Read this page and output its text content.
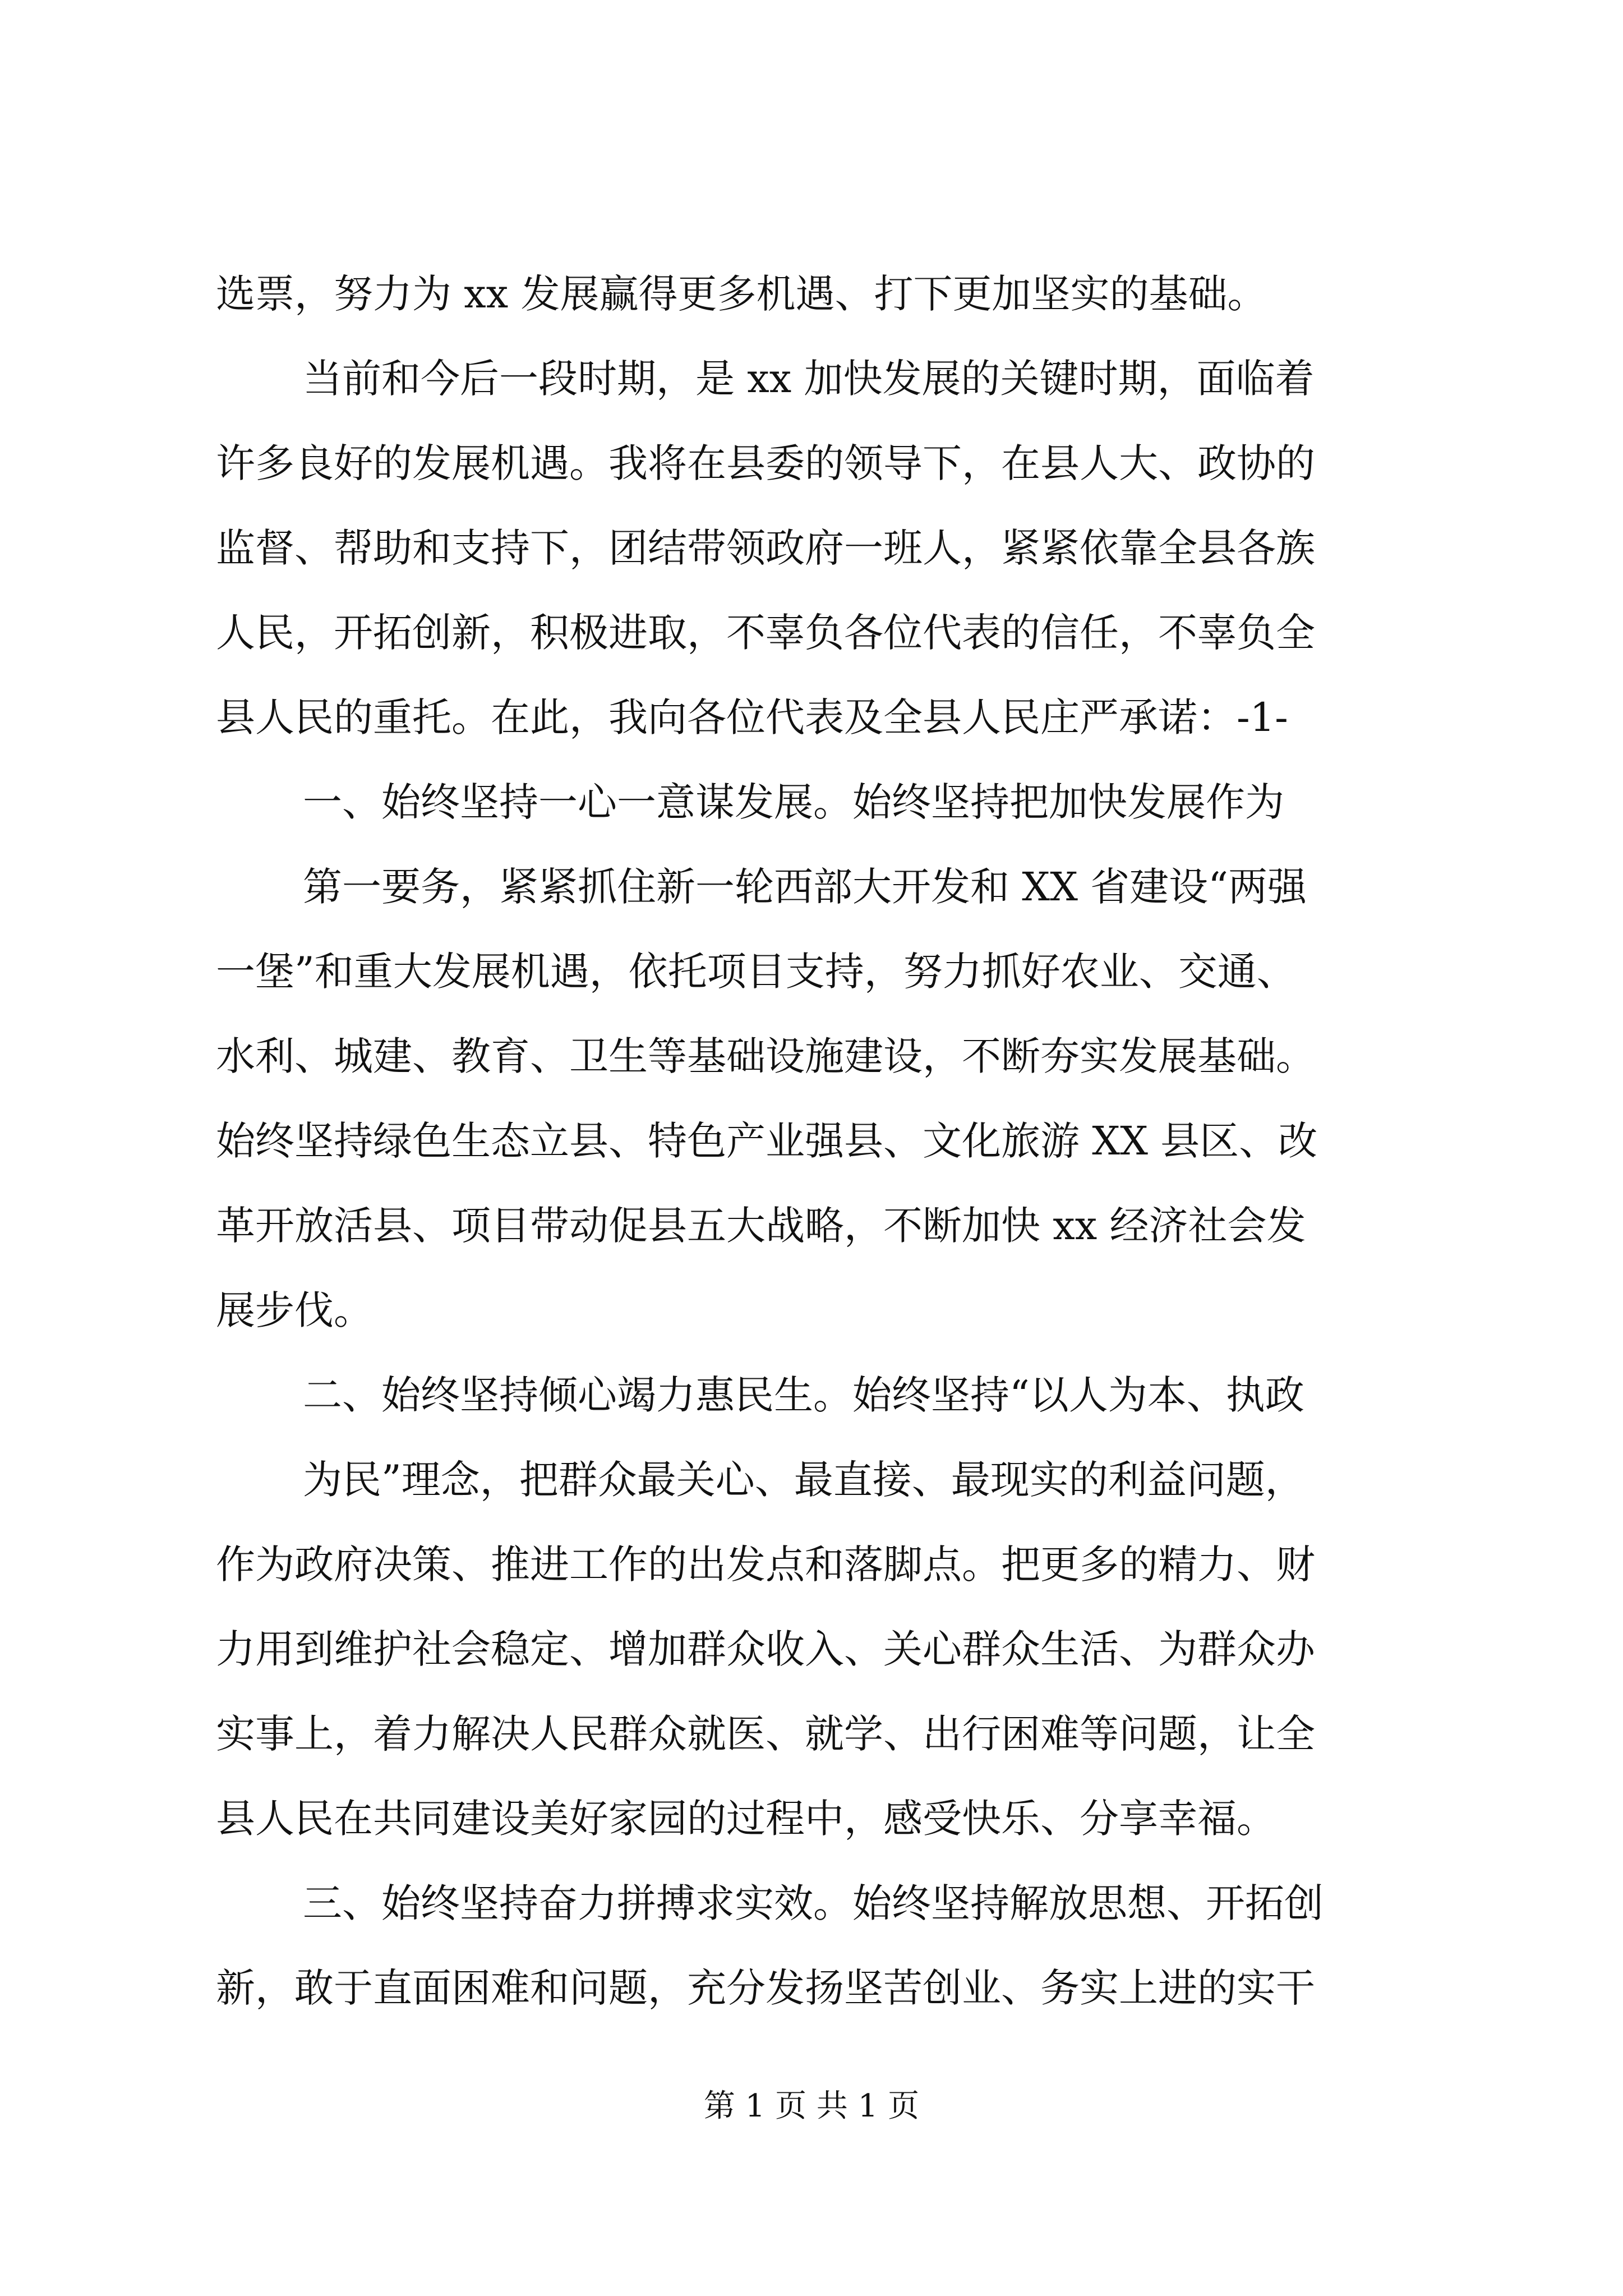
选票，努力为 xx 发展赢得更多机遇、打下更加坚实的基础。
当前和今后一段时期，是 xx 加快发展的关键时期，面临着
许多良好的发展机遇。我将在县委的领导下，在县人大、政协的
监督、帮助和支持下，团结带领政府一班人，紧紧依靠全县各族
人民，开拓创新，积极进取，不辜负各位代表的信任，不辜负全
县人民的重托。在此，我向各位代表及全县人民庄严承诺：-1-
一、始终坚持一心一意谋发展。始终坚持把加快发展作为
第一要务，紧紧抓住新一轮西部大开发和 XX 省建设“两强
一堡”和重大发展机遇，依托项目支持，努力抓好农业、交通、
水利、城建、教育、卫生等基础设施建设，不断夯实发展基础。
始终坚持绿色生态立县、特色产业强县、文化旅游 XX 县区、改
革开放活县、项目带动促县五大战略，不断加快 xx 经济社会发
展步伐。
二、始终坚持倾心竭力惠民生。始终坚持“以人为本、执政
为民”理念，把群众最关心、最直接、最现实的利益问题，
作为政府决策、推进工作的出发点和落脚点。把更多的精力、财
力用到维护社会稳定、增加群众收入、关心群众生活、为群众办
实事上，着力解决人民群众就医、就学、出行困难等问题，让全
县人民在共同建设美好家园的过程中，感受快乐、分享幸福。
三、始终坚持奋力拼搏求实效。始终坚持解放思想、开拓创
新，敢于直面困难和问题，充分发扬坚苦创业、务实上进的实干
第 1 页 共 1 页
